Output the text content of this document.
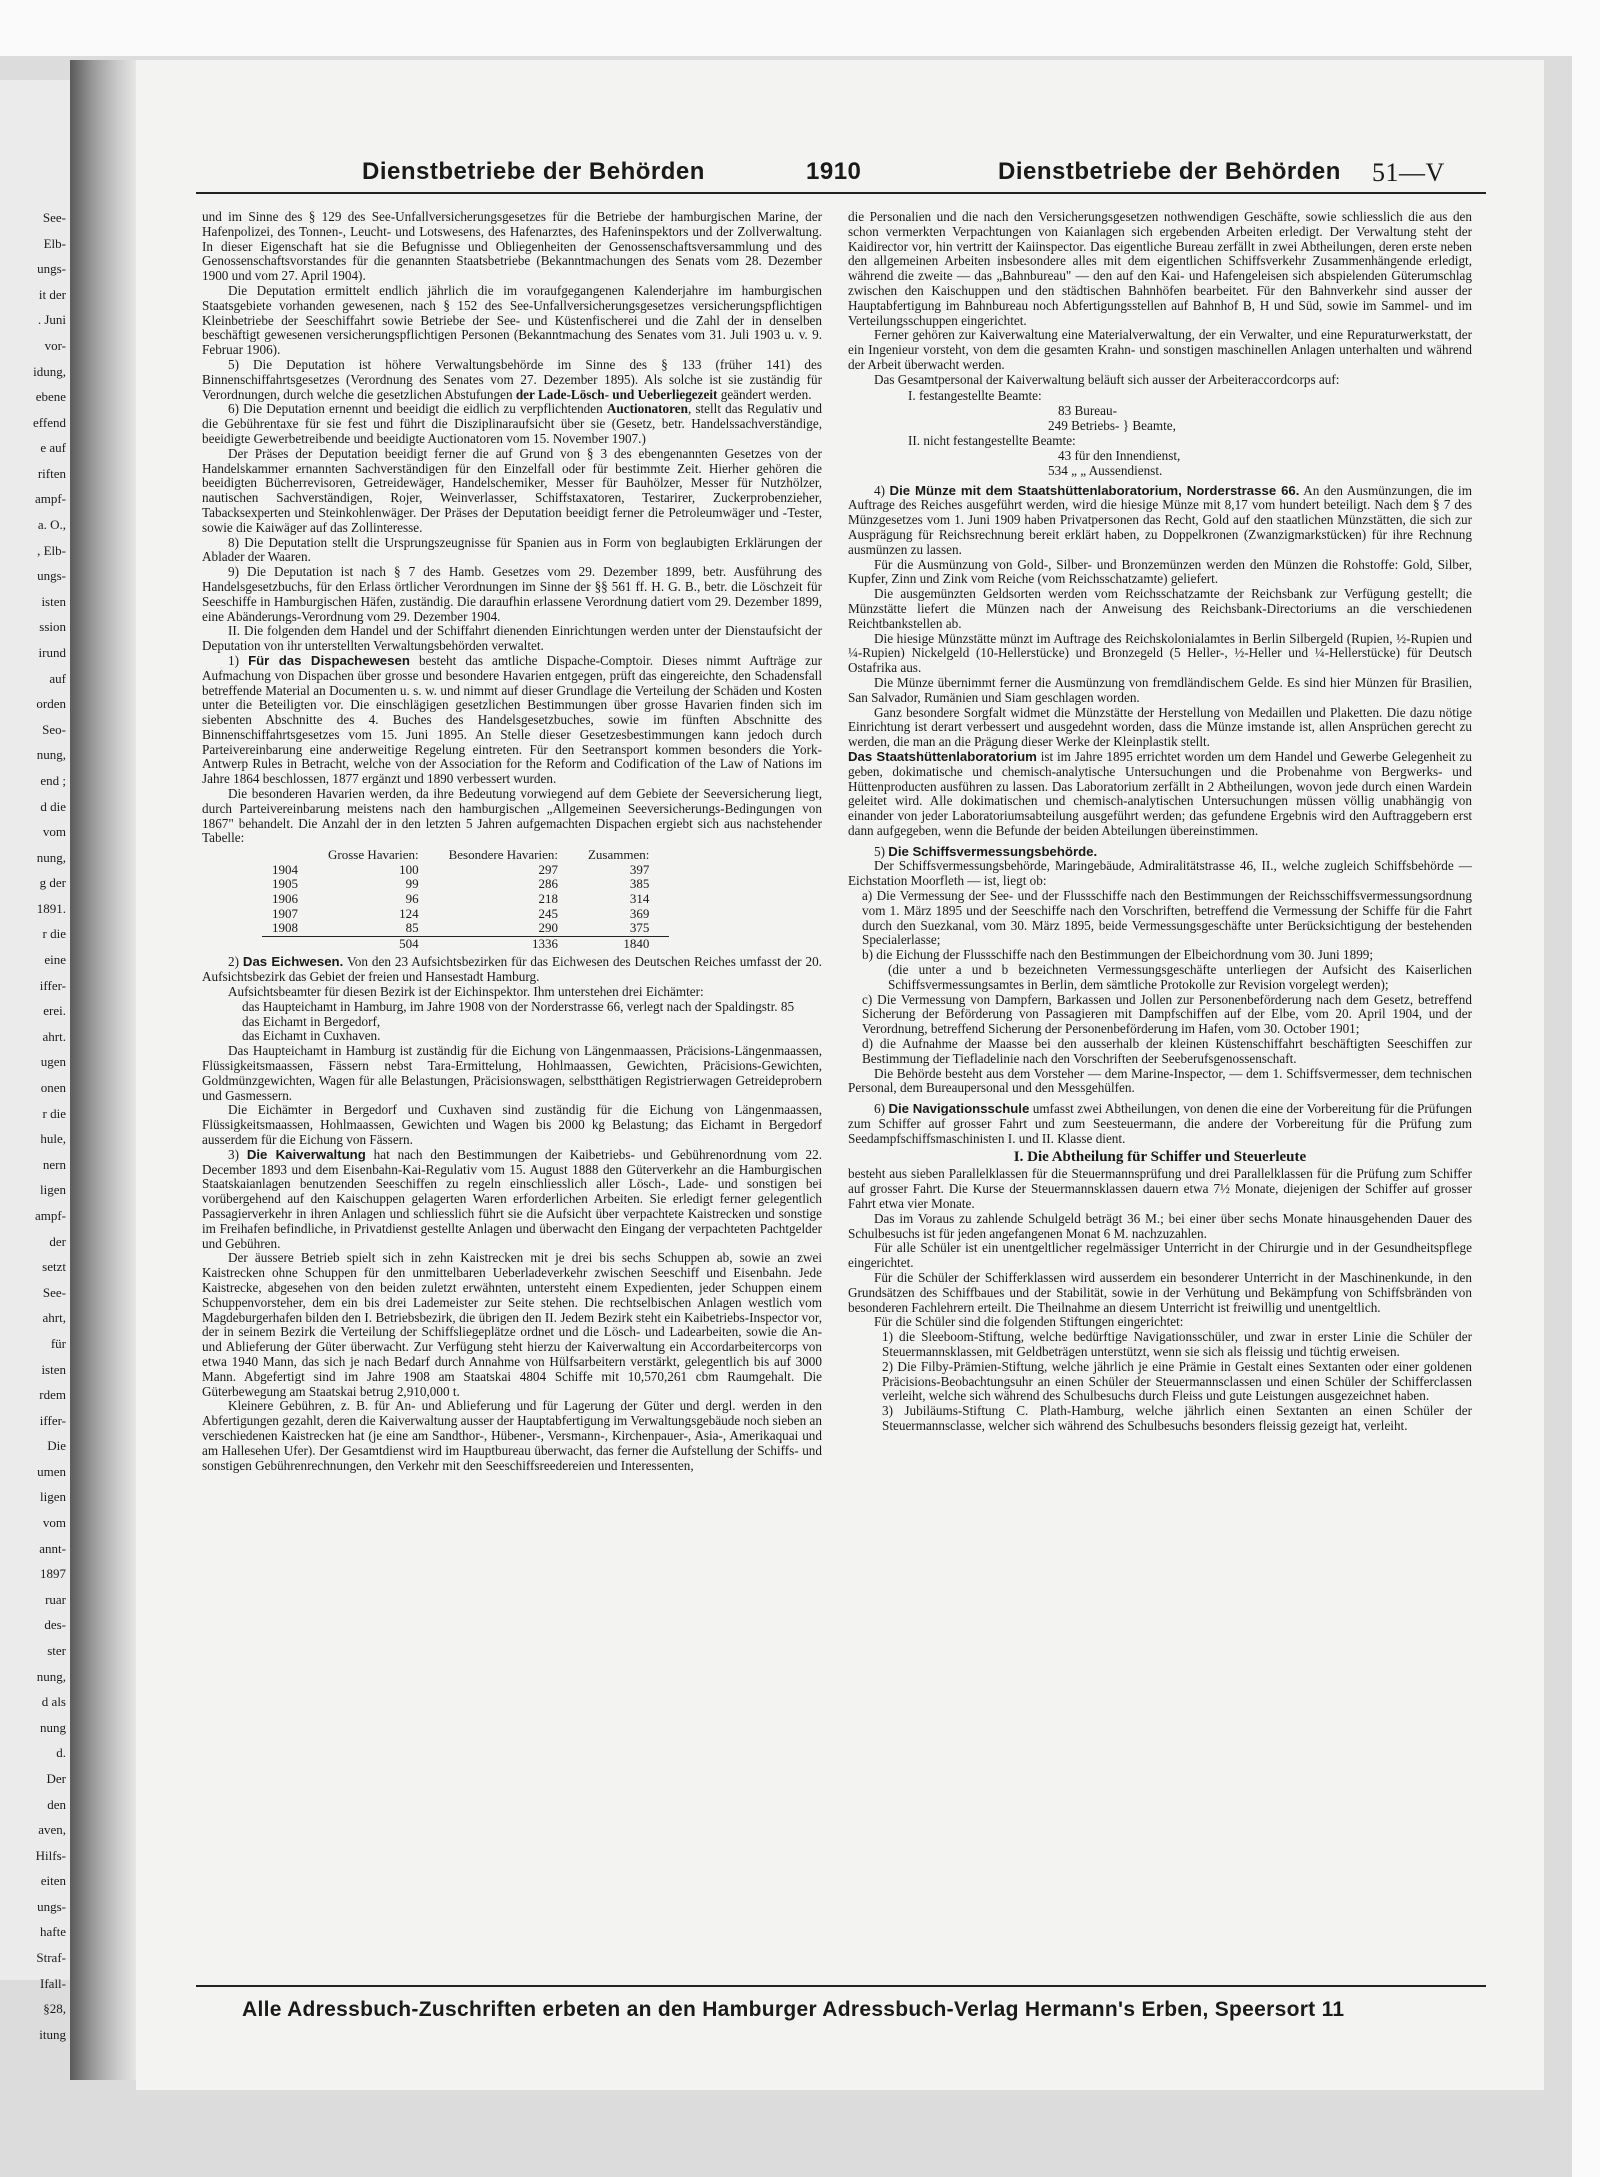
See-
Elb-
ungs-
it der
. Juni
vor-
idung,
ebene
effend
e auf
riften
ampf-
a. O.,
, Elb-
ungs-
isten
ssion
irund
auf
orden
Seo-
nung,
end ;
d die
vom
nung,
g der
1891.
r die
eine
iffer-
erei.
ahrt.
ugen
onen
r die
hule,
nern
ligen
ampf-
der
setzt
See-
ahrt,
für
isten
rdem
iffer-
Die
umen
ligen
vom
annt-
1897
ruar
des-
ster
nung,
d als
nung
d.
Der
den
aven,
Hilfs-
eiten
ungs-
hafte
Straf-
Ifall-
§28,
itung
Dienstbetriebe der Behörden	1910	Dienstbetriebe der Behörden 51—V

und im Sinne des § 129 des See-Unfallversicherungsgesetzes für die Betriebe der hamburgischen Marine, der Hafenpolizei, des Tonnen-, Leucht- und Lotswesens, des Hafenarztes, des Hafeninspektors und der Zollverwaltung. In dieser Eigenschaft hat sie die Befugnisse und Obliegenheiten der Genossenschaftsversammlung und des Genossenschaftsvorstandes für die genannten Staatsbetriebe (Bekanntmachungen des Senats vom 28. Dezember 1900 und vom 27. April 1904).

Die Deputation ermittelt endlich jährlich die im voraufgegangenen Kalenderjahre im hamburgischen Staatsgebiete vorhanden gewesenen, nach § 152 des See-Unfallversicherungsgesetzes versicherungspflichtigen Kleinbetriebe der Seeschiffahrt sowie Betriebe der See- und Küstenfischerei und die Zahl der in denselben beschäftigt gewesenen versicherungspflichtigen Personen (Bekanntmachung des Senates vom 31. Juli 1903 u. v. 9. Februar 1906).

5) Die Deputation ist höhere Verwaltungsbehörde im Sinne des § 133 (früher 141) des Binnenschiffahrtsgesetzes (Verordnung des Senates vom 27. Dezember 1895). Als solche ist sie zuständig für Verordnungen, durch welche die gesetzlichen Abstufungen der Lade-Lösch- und Ueberliegezeit geändert werden.

6) Die Deputation ernennt und beeidigt die eidlich zu verpflichtenden Auctionatoren, stellt das Regulativ und die Gebührentaxe für sie fest und führt die Disziplinaraufsicht über sie (Gesetz, betr. Handelssachverständige, beeidigte Gewerbetreibende und beeidigte Auctionatoren vom 15. November 1907.)

Der Präses der Deputation beeidigt ferner die auf Grund von § 3 des ebengenannten Gesetzes von der Handelskammer ernannten Sachverständigen für den Einzelfall oder für bestimmte Zeit. Hierher gehören die beeidigten Bücherrevisoren, Getreidewäger, Handelschemiker, Messer für Bauhölzer, Messer für Nutzhölzer, nautischen Sachverständigen, Rojer, Weinverlasser, Schiffstaxatoren, Testarirer, Zuckerprobenzieher, Tabacksexperten und Steinkohlenwäger. Der Präses der Deputation beeidigt ferner die Petroleumwäger und -Tester, sowie die Kaiwäger auf das Zollinteresse.

8) Die Deputation stellt die Ursprungszeugnisse für Spanien aus in Form von beglaubigten Erklärungen der Ablader der Waaren.

9) Die Deputation ist nach § 7 des Hamb. Gesetzes vom 29. Dezember 1899, betr. Ausführung des Handelsgesetzbuchs, für den Erlass örtlicher Verordnungen im Sinne der §§ 561 ff. H. G. B., betr. die Löschzeit für Seeschiffe in Hamburgischen Häfen, zuständig. Die daraufhin erlassene Verordnung datiert vom 29. Dezember 1899, eine Abänderungs-Verordnung vom 29. Dezember 1904.

II. Die folgenden dem Handel und der Schiffahrt dienenden Einrichtungen werden unter der Dienstaufsicht der Deputation von ihr unterstellten Verwaltungsbehörden verwaltet.

1) Für das Dispachewesen besteht das amtliche Dispache-Comptoir. Dieses nimmt Aufträge zur Aufmachung von Dispachen über grosse und besondere Havarien entgegen, prüft das eingereichte, den Schadensfall betreffende Material an Documenten u. s. w. und nimmt auf dieser Grundlage die Verteilung der Schäden und Kosten unter die Beteiligten vor. Die einschlägigen gesetzlichen Bestimmungen über grosse Havarien finden sich im siebenten Abschnitte des 4. Buches des Handelsgesetzbuches, sowie im fünften Abschnitte des Binnenschiffahrtsgesetzes vom 15. Juni 1895. An Stelle dieser Gesetzesbestimmungen kann jedoch durch Parteivereinbarung eine anderweitige Regelung eintreten. Für den Seetransport kommen besonders die York-Antwerp Rules in Betracht, welche von der Association for the Reform and Codification of the Law of Nations im Jahre 1864 beschlossen, 1877 ergänzt und 1890 verbessert wurden.

Die besonderen Havarien werden, da ihre Bedeutung vorwiegend auf dem Gebiete der Seeversicherung liegt, durch Parteivereinbarung meistens nach den hamburgischen „Allgemeinen Seeversicherungs-Bedingungen von 1867" behandelt. Die Anzahl der in den letzten 5 Jahren aufgemachten Dispachen ergiebt sich aus nachstehender Tabelle:

	Grosse Havarien:	Besondere Havarien:	Zusammen:
1904	100	297	397
1905	99	286	385
1906	96	218	314
1907	124	245	369
1908	85	290	375
	504	1336	1840

2) Das Eichwesen. Von den 23 Aufsichtsbezirken für das Eichwesen des Deutschen Reiches umfasst der 20. Aufsichtsbezirk das Gebiet der freien und Hansestadt Hamburg.

Aufsichtsbeamter für diesen Bezirk ist der Eichinspektor. Ihm unterstehen drei Eichämter:

das Haupteichamt in Hamburg, im Jahre 1908 von der Norderstrasse 66, verlegt nach der Spaldingstr. 85

das Eichamt in Bergedorf,

das Eichamt in Cuxhaven.

Das Haupteichamt in Hamburg ist zuständig für die Eichung von Längenmaassen, Präcisions-Längenmaassen, Flüssigkeitsmaassen, Fässern nebst Tara-Ermittelung, Hohlmaassen, Gewichten, Präcisions-Gewichten, Goldmünzgewichten, Wagen für alle Belastungen, Präcisionswagen, selbstthätigen Registrierwagen Getreideprobern und Gasmessern.

Die Eichämter in Bergedorf und Cuxhaven sind zuständig für die Eichung von Längenmaassen, Flüssigkeitsmaassen, Hohlmaassen, Gewichten und Wagen bis 2000 kg Belastung; das Eichamt in Bergedorf ausserdem für die Eichung von Fässern.

3) Die Kaiverwaltung hat nach den Bestimmungen der Kaibetriebs- und Gebührenordnung vom 22. December 1893 und dem Eisenbahn-Kai-Regulativ vom 15. August 1888 den Güterverkehr an die Hamburgischen Staatskaianlagen benutzenden Seeschiffen zu regeln einschliesslich aller Lösch-, Lade- und sonstigen bei vorübergehend auf den Kaischuppen gelagerten Waren erforderlichen Arbeiten. Sie erledigt ferner gelegentlich Passagierverkehr in ihren Anlagen und schliesslich führt sie die Aufsicht über verpachtete Kaistrecken und sonstige im Freihafen befindliche, in Privatdienst gestellte Anlagen und überwacht den Eingang der verpachteten Pachtgelder und Gebühren.

Der äussere Betrieb spielt sich in zehn Kaistrecken mit je drei bis sechs Schuppen ab, sowie an zwei Kaistrecken ohne Schuppen für den unmittelbaren Ueberladeverkehr zwischen Seeschiff und Eisenbahn. Jede Kaistrecke, abgesehen von den beiden zuletzt erwähnten, untersteht einem Expedienten, jeder Schuppen einem Schuppenvorsteher, dem ein bis drei Lademeister zur Seite stehen. Die rechtselbischen Anlagen westlich vom Magdeburgerhafen bilden den I. Betriebsbezirk, die übrigen den II. Jedem Bezirk steht ein Kaibetriebs-Inspector vor, der in seinem Bezirk die Verteilung der Schiffsliegeplätze ordnet und die Lösch- und Ladearbeiten, sowie die An- und Ablieferung der Güter überwacht. Zur Verfügung steht hierzu der Kaiverwaltung ein Accordarbeitercorps von etwa 1940 Mann, das sich je nach Bedarf durch Annahme von Hülfsarbeitern verstärkt, gelegentlich bis auf 3000 Mann. Abgefertigt sind im Jahre 1908 am Staatskai 4804 Schiffe mit 10,570,261 cbm Raumgehalt. Die Güterbewegung am Staatskai betrug 2,910,000 t.

Kleinere Gebühren, z. B. für An- und Ablieferung und für Lagerung der Güter und dergl. werden in den Abfertigungen gezahlt, deren die Kaiverwaltung ausser der Hauptabfertigung im Verwaltungsgebäude noch sieben an verschiedenen Kaistrecken hat (je eine am Sandthor-, Hübener-, Versmann-, Kirchenpauer-, Asia-, Amerikaquai und am Hallesehen Ufer). Der Gesamtdienst wird im Hauptbureau überwacht, das ferner die Aufstellung der Schiffs- und sonstigen Gebührenrechnungen, den Verkehr mit den Seeschiffsreedereien und Interessenten,

die Personalien und die nach den Versicherungsgesetzen nothwendigen Geschäfte, sowie schliesslich die aus den schon vermerkten Verpachtungen von Kaianlagen sich ergebenden Arbeiten erledigt. Der Verwaltung steht der Kaidirector vor, hin vertritt der Kaiinspector. Das eigentliche Bureau zerfällt in zwei Abtheilungen, deren erste neben den allgemeinen Arbeiten insbesondere alles mit dem eigentlichen Schiffsverkehr Zusammenhängende erledigt, während die zweite — das „Bahnbureau" — den auf den Kai- und Hafengeleisen sich abspielenden Güterumschlag zwischen den Kaischuppen und den städtischen Bahnhöfen bearbeitet. Für den Bahnverkehr sind ausser der Hauptabfertigung im Bahnbureau noch Abfertigungsstellen auf Bahnhof B, H und Süd, sowie im Sammel- und im Verteilungsschuppen eingerichtet.

Ferner gehören zur Kaiverwaltung eine Materialverwaltung, der ein Verwalter, und eine Repuraturwerkstatt, der ein Ingenieur vorsteht, von dem die gesamten Krahn- und sonstigen maschinellen Anlagen unterhalten und während der Arbeit überwacht werden.

Das Gesamtpersonal der Kaiverwaltung beläuft sich ausser der Arbeiteraccordcorps auf:

I. festangestellte Beamte:
83 Bureau-
249 Betriebs- } Beamte,
II. nicht festangestellte Beamte:
43 für den Innendienst,
534 „ „ Aussendienst.

4) Die Münze mit dem Staatshüttenlaboratorium, Norderstrasse 66. An den Ausmünzungen, die im Auftrage des Reiches ausgeführt werden, wird die hiesige Münze mit 8,17 vom hundert beteiligt. Nach dem § 7 des Münzgesetzes vom 1. Juni 1909 haben Privatpersonen das Recht, Gold auf den staatlichen Münzstätten, die sich zur Ausprägung für Reichsrechnung bereit erklärt haben, zu Doppelkronen (Zwanzigmarkstücken) für ihre Rechnung ausmünzen zu lassen.

Für die Ausmünzung von Gold-, Silber- und Bronzemünzen werden den Münzen die Rohstoffe: Gold, Silber, Kupfer, Zinn und Zink vom Reiche (vom Reichsschatzamte) geliefert.

Die ausgemünzten Geldsorten werden vom Reichsschatzamte der Reichsbank zur Verfügung gestellt; die Münzstätte liefert die Münzen nach der Anweisung des Reichsbank-Directoriums an die verschiedenen Reichtbankstellen ab.

Die hiesige Münzstätte münzt im Auftrage des Reichskolonialamtes in Berlin Silbergeld (Rupien, ½-Rupien und ¼-Rupien) Nickelgeld (10-Hellerstücke) und Bronzegeld (5 Heller-, ½-Heller und ¼-Hellerstücke) für Deutsch Ostafrika aus.

Die Münze übernimmt ferner die Ausmünzung von fremdländischem Gelde. Es sind hier Münzen für Brasilien, San Salvador, Rumänien und Siam geschlagen worden.

Ganz besondere Sorgfalt widmet die Münzstätte der Herstellung von Medaillen und Plaketten. Die dazu nötige Einrichtung ist derart verbessert und ausgedehnt worden, dass die Münze imstande ist, allen Ansprüchen gerecht zu werden, die man an die Prägung dieser Werke der Kleinplastik stellt.

Das Staatshüttenlaboratorium ist im Jahre 1895 errichtet worden um dem Handel und Gewerbe Gelegenheit zu geben, dokimatische und chemisch-analytische Untersuchungen und die Probenahme von Bergwerks- und Hüttenproducten ausführen zu lassen. Das Laboratorium zerfällt in 2 Abtheilungen, wovon jede durch einen Wardein geleitet wird. Alle dokimatischen und chemisch-analytischen Untersuchungen müssen völlig unabhängig von einander von jeder Laboratoriumsabteilung ausgeführt werden; das gefundene Ergebnis wird den Auftraggebern erst dann aufgegeben, wenn die Befunde der beiden Abteilungen übereinstimmen.

5) Die Schiffsvermessungsbehörde.

Der Schiffsvermessungsbehörde, Maringebäude, Admiralitätstrasse 46, II., welche zugleich Schiffsbehörde — Eichstation Moorfleth — ist, liegt ob:

a) Die Vermessung der See- und der Flussschiffe nach den Bestimmungen der Reichsschiffsvermessungsordnung vom 1. März 1895 und der Seeschiffe nach den Vorschriften, betreffend die Vermessung der Schiffe für die Fahrt durch den Suezkanal, vom 30. März 1895, beide Vermessungsgeschäfte unter Berücksichtigung der bestehenden Specialerlasse;

b) die Eichung der Flussschiffe nach den Bestimmungen der Elbeichordnung vom 30. Juni 1899;

(die unter a und b bezeichneten Vermessungsgeschäfte unterliegen der Aufsicht des Kaiserlichen Schiffsvermessungsamtes in Berlin, dem sämtliche Protokolle zur Revision vorgelegt werden);

c) Die Vermessung von Dampfern, Barkassen und Jollen zur Personenbeförderung nach dem Gesetz, betreffend Sicherung der Beförderung von Passagieren mit Dampfschiffen auf der Elbe, vom 20. April 1904, und der Verordnung, betreffend Sicherung der Personenbeförderung im Hafen, vom 30. October 1901;

d) die Aufnahme der Maasse bei den ausserhalb der kleinen Küstenschiffahrt beschäftigten Seeschiffen zur Bestimmung der Tiefladelinie nach den Vorschriften der Seeberufsgenossenschaft.

Die Behörde besteht aus dem Vorsteher — dem Marine-Inspector, — dem 1. Schiffsvermesser, dem technischen Personal, dem Bureaupersonal und den Messgehülfen.

6) Die Navigationsschule umfasst zwei Abtheilungen, von denen die eine der Vorbereitung für die Prüfungen zum Schiffer auf grosser Fahrt und zum Seesteuermann, die andere der Vorbereitung für die Prüfung zum Seedampfschiffsmaschinisten I. und II. Klasse dient.

I. Die Abtheilung für Schiffer und Steuerleute

besteht aus sieben Parallelklassen für die Steuermannsprüfung und drei Parallelklassen für die Prüfung zum Schiffer auf grosser Fahrt. Die Kurse der Steuermannsklassen dauern etwa 7½ Monate, diejenigen der Schiffer auf grosser Fahrt etwa vier Monate.

Das im Voraus zu zahlende Schulgeld beträgt 36 M.; bei einer über sechs Monate hinausgehenden Dauer des Schulbesuchs ist für jeden angefangenen Monat 6 M. nachzuzahlen.

Für alle Schüler ist ein unentgeltlicher regelmässiger Unterricht in der Chirurgie und in der Gesundheitspflege eingerichtet.

Für die Schüler der Schifferklassen wird ausserdem ein besonderer Unterricht in der Maschinenkunde, in den Grundsätzen des Schiffbaues und der Stabilität, sowie in der Verhütung und Bekämpfung von Schiffsbränden von besonderen Fachlehrern erteilt. Die Theilnahme an diesem Unterricht ist freiwillig und unentgeltlich.

Für die Schüler sind die folgenden Stiftungen eingerichtet:

1) die Sleeboom-Stiftung, welche bedürftige Navigationsschüler, und zwar in erster Linie die Schüler der Steuermannsklassen, mit Geldbeträgen unterstützt, wenn sie sich als fleissig und tüchtig erweisen.

2) Die Filby-Prämien-Stiftung, welche jährlich je eine Prämie in Gestalt eines Sextanten oder einer goldenen Präcisions-Beobachtungsuhr an einen Schüler der Steuermannsclassen und einen Schüler der Schifferclassen verleiht, welche sich während des Schulbesuchs durch Fleiss und gute Leistungen ausgezeichnet haben.

3) Jubiläums-Stiftung C. Plath-Hamburg, welche jährlich einen Sextanten an einen Schüler der Steuermannsclasse, welcher sich während des Schulbesuchs besonders fleissig gezeigt hat, verleiht.

Alle Adressbuch-Zuschriften erbeten an den Hamburger Adressbuch-Verlag Hermann's Erben, Speersort 11
